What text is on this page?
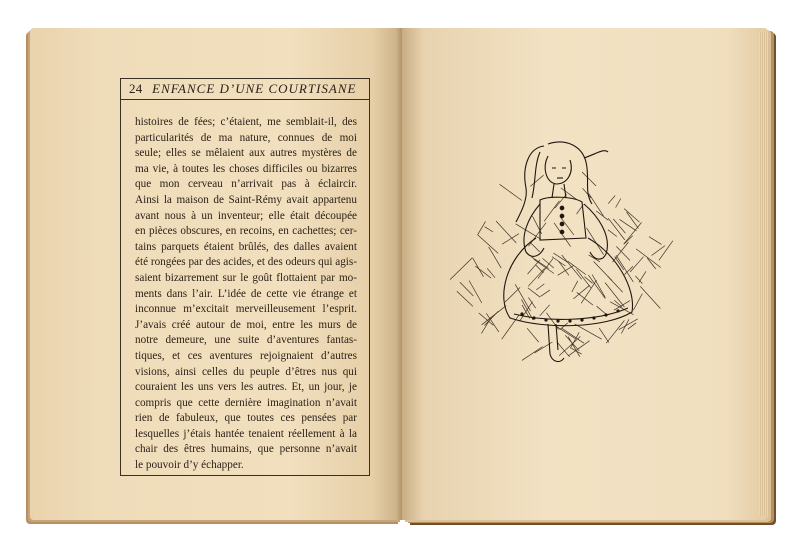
24 ENFANCE D’UNE COURTISANE
histoires de fées; c’étaient, me semblait-il, des
particularités de ma nature, connues de moi
seule; elles se mêlaient aux autres mystères de
ma vie, à toutes les choses difficiles ou bizarres
que mon cerveau n’arrivait pas à éclaircir.
Ainsi la maison de Saint-Rémy avait appartenu
avant nous à un inventeur; elle était découpée
en pièces obscures, en recoins, en cachettes; cer-
tains parquets étaient brûlés, des dalles avaient
été rongées par des acides, et des odeurs qui agis-
saient bizarrement sur le goût flottaient par mo-
ments dans l’air. L’idée de cette vie étrange et
inconnue m’excitait merveilleusement l’esprit.
J’avais créé autour de moi, entre les murs de
notre demeure, une suite d’aventures fantas-
tiques, et ces aventures rejoignaient d’autres
visions, ainsi celles du peuple d’êtres nus qui
couraient les uns vers les autres. Et, un jour, je
compris que cette dernière imagination n’avait
rien de fabuleux, que toutes ces pensées par
lesquelles j’étais hantée tenaient réellement à la
chair des êtres humains, que personne n’avait
le pouvoir d’y échapper.
